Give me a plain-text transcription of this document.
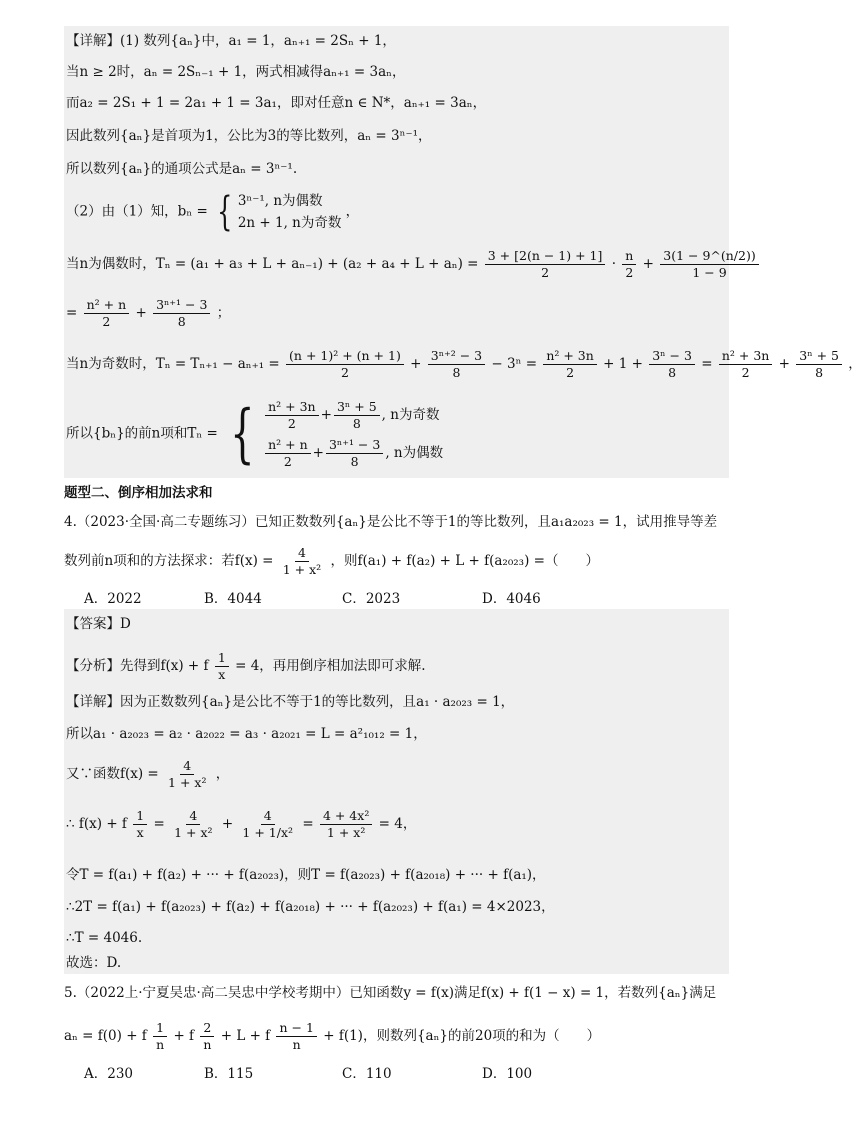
【详解】(1) 数列{aₙ}中，a₁ = 1，aₙ₊₁ = 2Sₙ + 1，
当n ≥ 2时，aₙ = 2Sₙ₋₁ + 1，两式相减得aₙ₊₁ = 3aₙ，
而a₂ = 2S₁ + 1 = 2a₁ + 1 = 3a₁，即对任意n ∈ N*，aₙ₊₁ = 3aₙ，
因此数列{aₙ}是首项为1，公比为3的等比数列，aₙ = 3ⁿ⁻¹，
所以数列{aₙ}的通项公式是aₙ = 3ⁿ⁻¹.
（2）由（1）知，bₙ = { 3ⁿ⁻¹, n为偶数
2n + 1, n为奇数
，
当n为偶数时，$T_n = (a_1 + a_3 + L + a_{n-1}) + (a_2 + a_4 + L + a_n) = \frac{3 + [2(n - 1) + 1]}{2} \cdot \frac{n}{2} + \frac{3(1 - 9\^{}(n/2))}{1 - 9}$
= $\frac{\text{n² + n}}{2} + \frac{\text{3ⁿ⁺¹ − 3}}{8}$ ；
当n为奇数时，$T_n = T_{n+1} - a_{n+1} = \frac{\text{(n + 1)² + (n + 1)}}{2} + \frac{\text{3ⁿ⁺² − 3}}{8} - 3^n = \frac{\text{n² + 3n}}{2} + 1 + \frac{\text{3ⁿ − 3}}{8} = \frac{\text{n² + 3n}}{2} + \frac{\text{3ⁿ + 5}}{8}$ ，
所以{bₙ}的前n项和Tₙ = { $\frac{\text{n² + 3n}}{2} + \frac{\text{3ⁿ + 5}}{8}$ , n为奇数
$\frac{\text{n² + n}}{2} + \frac{\text{3ⁿ⁺¹ − 3}}{8}$ , n为偶数
题型二、倒序相加法求和
4.（2023·全国·高二专题练习）已知正数数列{aₙ}是公比不等于1的等比数列，且a₁a₂₀₂₃ = 1，试用推导等差
数列前n项和的方法探求：若$f(x) = \frac{4}{\text{1 + x²}}$ ，则f(a₁) + f(a₂) + L + f(a₂₀₂₃) =（　　）
A．2022	B．4044	C．2023	D．4046
【答案】D
【分析】先得到f(x) + f $\frac{1}{x} = 4$，再用倒序相加法即可求解.
【详解】因为正数数列{aₙ}是公比不等于1的等比数列，且a₁ · a₂₀₂₃ = 1，
所以a₁ · a₂₀₂₃ = a₂ · a₂₀₂₂ = a₃ · a₂₀₂₁ = L = a²₁₀₁₂ = 1，
又∵函数$f(x) = \frac{4}{\text{1 + x²}}$ ，
∴ f(x) + f $\frac{1}{x} = \frac{4}{\text{1 + x²}} + \frac{4}{\text{1 + 1/x²}} = \frac{\text{4 + 4x²}}{\text{1 + x²}} = 4$，
令T = f(a₁) + f(a₂) + ··· + f(a₂₀₂₃)，则T = f(a₂₀₂₃) + f(a₂₀₁₈) + ··· + f(a₁)，
∴2T = f(a₁) + f(a₂₀₂₃) + f(a₂) + f(a₂₀₁₈) + ··· + f(a₂₀₂₃) + f(a₁) = 4×2023，
∴T = 4046.
故选：D.
5.（2022上·宁夏吴忠·高二吴忠中学校考期中）已知函数y = f(x)满足f(x) + f(1 − x) = 1，若数列{aₙ}满足
aₙ = f(0) + f $\frac{1}{n} + f \frac{2}{n} + L + f \frac{n - 1}{n} + f(1)$，则数列{aₙ}的前20项的和为（　　）
A．230	B．115	C．110	D．100
